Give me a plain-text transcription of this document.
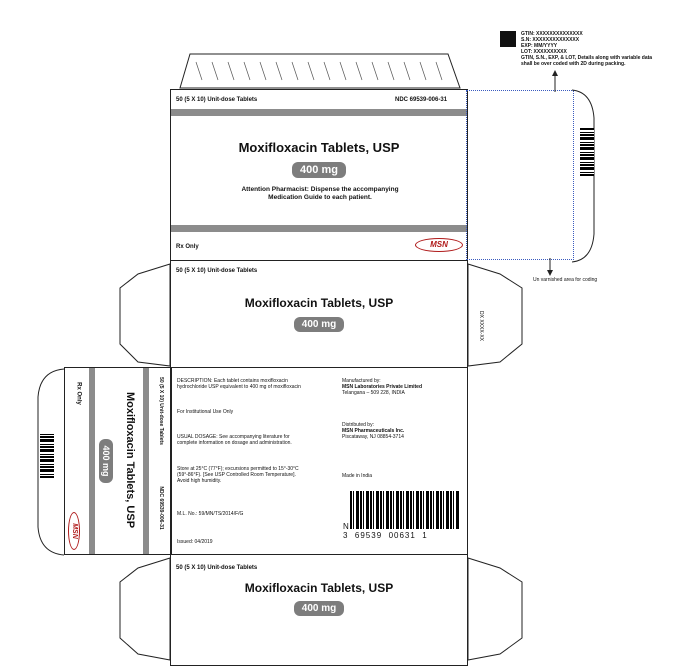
50 (5 X 10) Unit-dose Tablets	NDC 69539-006-31
Moxifloxacin Tablets, USP
400 mg
Attention Pharmacist: Dispense the accompanying Medication Guide to each patient.
Rx Only	MSN
GTIN: XXXXXXXXXXXXXX
S.N: XXXXXXXXXXXXXX
EXP: MM/YYYY
LOT: XXXXXXXXXX
GTIN, S.N., EXP, & LOT, Details along with variable data
shall be over coded with 2D during packing.
Un varnished area for coding
50 (5 X 10) Unit-dose Tablets
Moxifloxacin Tablets, USP
400 mg	DX XXXX-XX
DESCRIPTION: Each tablet contains moxifloxacin hydrochloride USP equivalent to 400 mg of moxifloxacin
For Institutional Use Only
USUAL DOSAGE: See accompanying literature for complete information on dosage and administration.
Store at 25°C (77°F); excursions permitted to 15°-30°C (59°-86°F). [See USP Controlled Room Temperature]. Avoid high humidity.
M.L. No.: 59/MN/TS/2014/F/G
Issued: 04/2019
Manufactured by:
MSN Laboratories Private Limited
Telangana – 509 228, INDIA
Distributed by:
MSN Pharmaceuticals Inc.
Piscataway, NJ 08854-3714
Made in India
N
3  69539  00631  1
Rx Only	Moxifloxacin Tablets, USP
400 mg
50 (5 X 10) Unit-dose Tablets
NDC 69539-006-31
MSN
50 (5 X 10) Unit-dose Tablets
Moxifloxacin Tablets, USP
400 mg
